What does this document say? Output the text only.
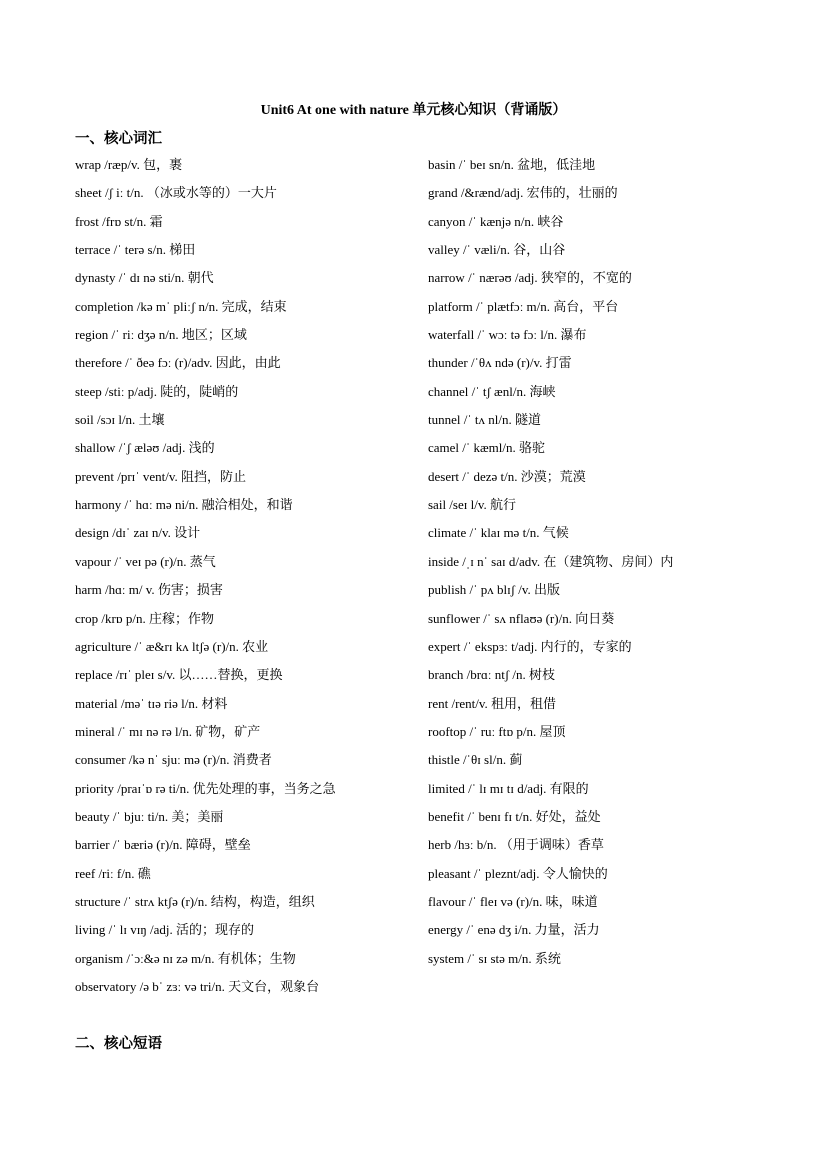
Unit6 At one with nature 单元核心知识（背诵版）
一、核心词汇
wrap /ræp/v. 包，裹
sheet /ʃ iː t/n. （冰或水等的）一大片
frost /frɒ st/n. 霜
terrace /ˈ terə s/n. 梯田
dynasty /ˈ dɪ nə sti/n. 朝代
completion /kə mˈ pliːʃ n/n. 完成，结束
region /ˈ riː dʒə n/n. 地区；区域
therefore /ˈ ðeə fɔː (r)/adv. 因此，由此
steep /stiː p/adj. 陡的，陡峭的
soil /sɔɪ l/n. 土壤
shallow /ˈʃ æləʊ /adj. 浅的
prevent /prɪˈ vent/v. 阻挡，防止
harmony /ˈ hɑː mə ni/n. 融洽相处，和谐
design /dɪˈ zaɪ n/v. 设计
vapour /ˈ veɪ pə (r)/n. 蒸气
harm /hɑː m/ v. 伤害；损害
crop /krɒ p/n. 庄稼；作物
agriculture /ˈ æ&rɪ kʌ ltʃə (r)/n. 农业
replace /rɪˈ pleɪ s/v. 以……替换，更换
material /məˈ tɪə riə l/n. 材料
mineral /ˈ mɪ nə rə l/n. 矿物，矿产
consumer /kə nˈ sjuː mə (r)/n. 消费者
priority /praɪˈɒ rə ti/n. 优先处理的事，当务之急
beauty /ˈ bjuː ti/n. 美；美丽
barrier /ˈ bæriə (r)/n. 障碍，壁垒
reef /riː f/n. 礁
structure /ˈ strʌ ktʃə (r)/n. 结构，构造，组织
living /ˈ lɪ vɪŋ /adj. 活的；现存的
organism /ˈɔː&ə nɪ zə m/n. 有机体；生物
observatory /ə bˈ zɜː və tri/n. 天文台，观象台
basin /ˈ beɪ sn/n. 盆地，低洼地
grand /&rænd/adj. 宏伟的，壮丽的
canyon /ˈ kænjə n/n. 峡谷
valley /ˈ væli/n. 谷，山谷
narrow /ˈ nærəʊ /adj. 狭窄的，不宽的
platform /ˈ plætfɔː m/n. 高台，平台
waterfall /ˈ wɔː tə fɔː l/n. 瀑布
thunder /ˈθʌ ndə (r)/v. 打雷
channel /ˈ tʃ ænl/n. 海峡
tunnel /ˈ tʌ nl/n. 隧道
camel /ˈ kæml/n. 骆驼
desert /ˈ dezə t/n. 沙漠；荒漠
sail /seɪ l/v. 航行
climate /ˈ klaɪ mə t/n. 气候
inside /ˌɪ nˈ saɪ d/adv. 在（建筑物、房间）内
publish /ˈ pʌ blɪʃ /v. 出版
sunflower /ˈ sʌ nflaʊə (r)/n. 向日葵
expert /ˈ ekspɜː t/adj. 内行的，专家的
branch /brɑː ntʃ /n. 树枝
rent /rent/v. 租用，租借
rooftop /ˈ ruː ftɒ p/n. 屋顶
thistle /ˈθɪ sl/n. 蓟
limited /ˈ lɪ mɪ tɪ d/adj. 有限的
benefit /ˈ benɪ fɪ t/n. 好处，益处
herb /hɜː b/n. （用于调味）香草
pleasant /ˈ pleznt/adj. 令人愉快的
flavour /ˈ fleɪ və (r)/n. 味，味道
energy /ˈ enə dʒ i/n. 力量，活力
system /ˈ sɪ stə m/n. 系统
二、核心短语
